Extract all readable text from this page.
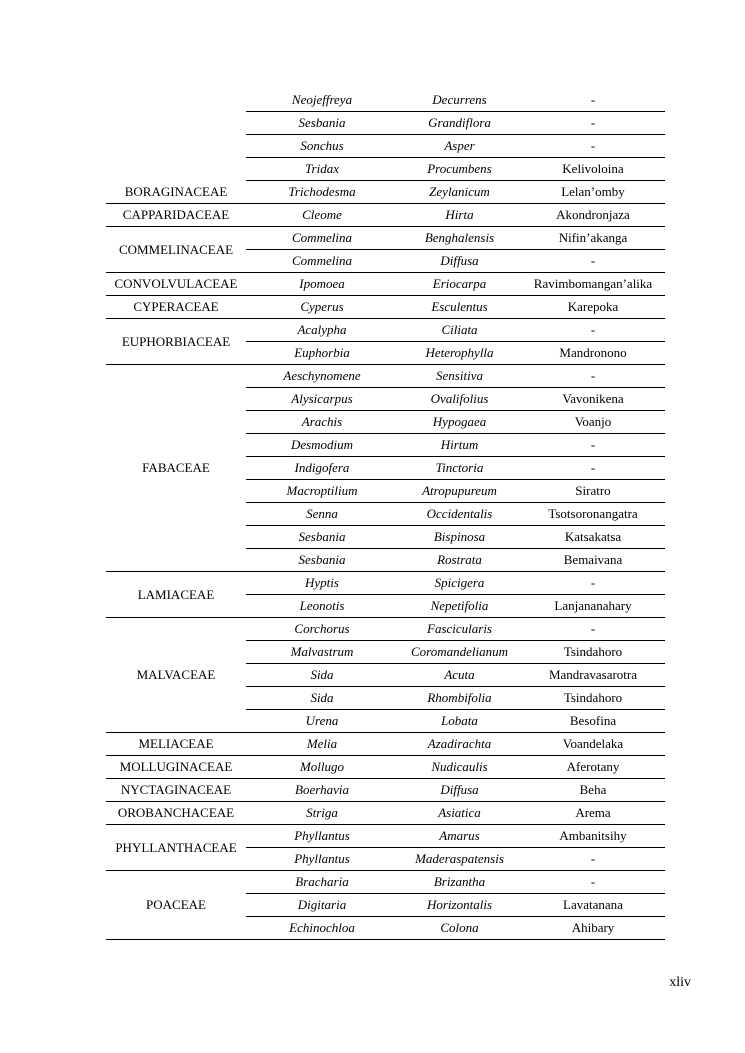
	Neojeffreya	Decurrens	-
	Sesbania	Grandiflora	-
	Sonchus	Asper	-
	Tridax	Procumbens	Kelivoloina
BORAGINACEAE	Trichodesma	Zeylanicum	Lelan’omby
CAPPARIDACEAE	Cleome	Hirta	Akondronjaza
COMMELINACEAE	Commelina	Benghalensis	Nifin’akanga
	Commelina	Diffusa	-
CONVOLVULACEAE	Ipomoea	Eriocarpa	Ravimbomangan’alika
CYPERACEAE	Cyperus	Esculentus	Karepoka
EUPHORBIACEAE	Acalypha	Ciliata	-
	Euphorbia	Heterophylla	Mandronono
FABACEAE	Aeschynomene	Sensitiva	-
	Alysicarpus	Ovalifolius	Vavonikena
	Arachis	Hypogaea	Voanjo
	Desmodium	Hirtum	-
	Indigofera	Tinctoria	-
	Macroptilium	Atropupureum	Siratro
	Senna	Occidentalis	Tsotsoronangatra
	Sesbania	Bispinosa	Katsakatsa
	Sesbania	Rostrata	Bemaivana
LAMIACEAE	Hyptis	Spicigera	-
	Leonotis	Nepetifolia	Lanjananahary
MALVACEAE	Corchorus	Fascicularis	-
	Malvastrum	Coromandelianum	Tsindahoro
	Sida	Acuta	Mandravasarotra
	Sida	Rhombifolia	Tsindahoro
	Urena	Lobata	Besofina
MELIACEAE	Melia	Azadirachta	Voandelaka
MOLLUGINACEAE	Mollugo	Nudicaulis	Aferotany
NYCTAGINACEAE	Boerhavia	Diffusa	Beha
OROBANCHACEAE	Striga	Asiatica	Arema
PHYLLANTHACEAE	Phyllantus	Amarus	Ambanitsihy
	Phyllantus	Maderaspatensis	-
POACEAE	Bracharia	Brizantha	-
	Digitaria	Horizontalis	Lavatanana
	Echinochloa	Colona	Ahibary
xliv
